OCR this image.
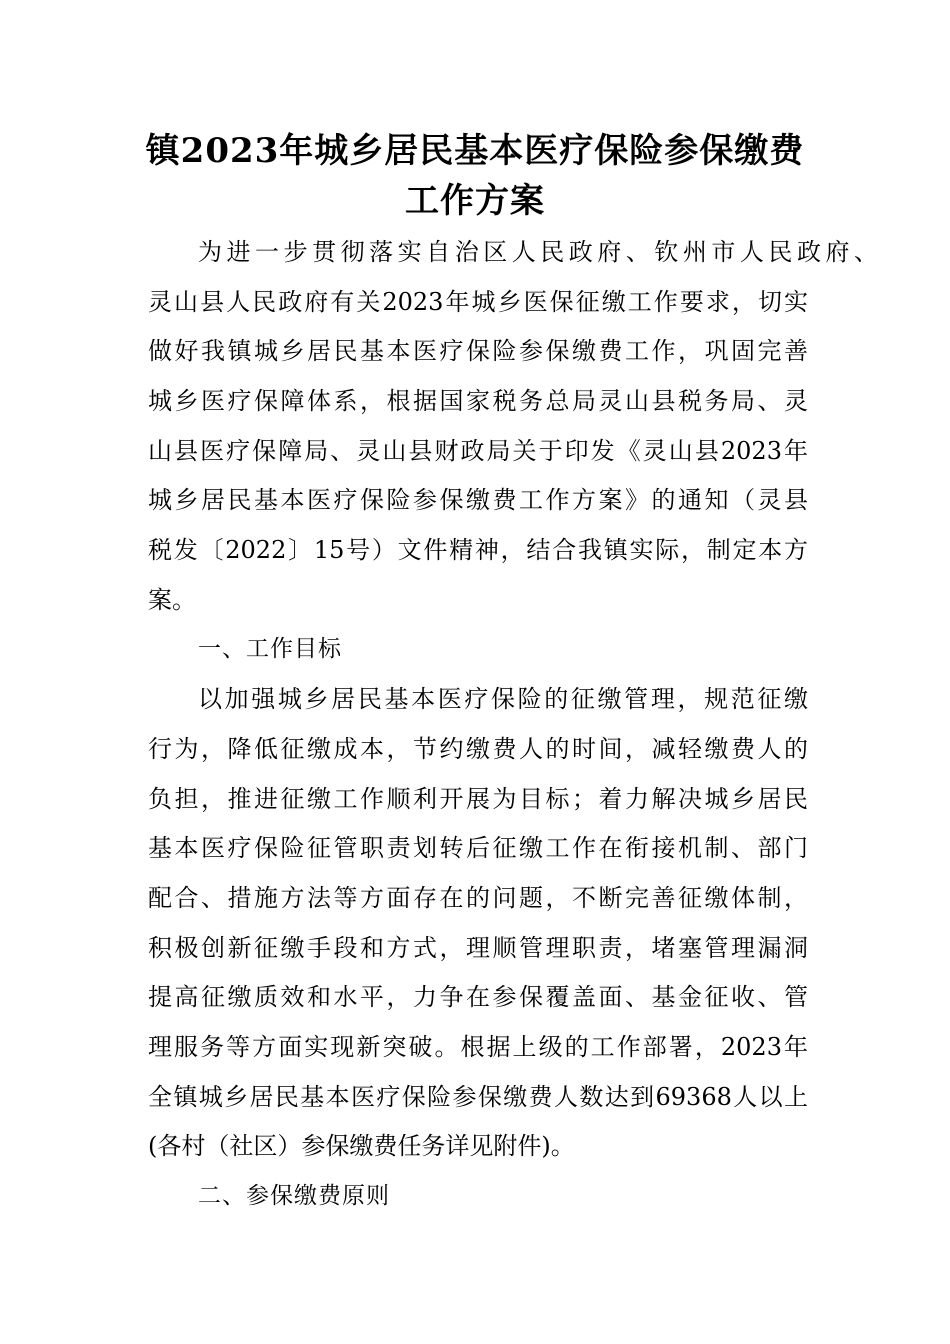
镇2023年城乡居民基本医疗保险参保缴费
工作方案
为进一步贯彻落实自治区人民政府、钦州市人民政府、
灵山县人民政府有关2023年城乡医保征缴工作要求，切实
做好我镇城乡居民基本医疗保险参保缴费工作，巩固完善
城乡医疗保障体系，根据国家税务总局灵山县税务局、灵
山县医疗保障局、灵山县财政局关于印发《灵山县2023年
城乡居民基本医疗保险参保缴费工作方案》的通知（灵县
税发〔2022〕15号）文件精神，结合我镇实际，制定本方
案。
一、工作目标
以加强城乡居民基本医疗保险的征缴管理，规范征缴
行为，降低征缴成本，节约缴费人的时间，减轻缴费人的
负担，推进征缴工作顺利开展为目标；着力解决城乡居民
基本医疗保险征管职责划转后征缴工作在衔接机制、部门
配合、措施方法等方面存在的问题，不断完善征缴体制，
积极创新征缴手段和方式，理顺管理职责，堵塞管理漏洞
提高征缴质效和水平，力争在参保覆盖面、基金征收、管
理服务等方面实现新突破。根据上级的工作部署，2023年
全镇城乡居民基本医疗保险参保缴费人数达到69368人以上
(各村（社区）参保缴费任务详见附件)。
二、参保缴费原则
